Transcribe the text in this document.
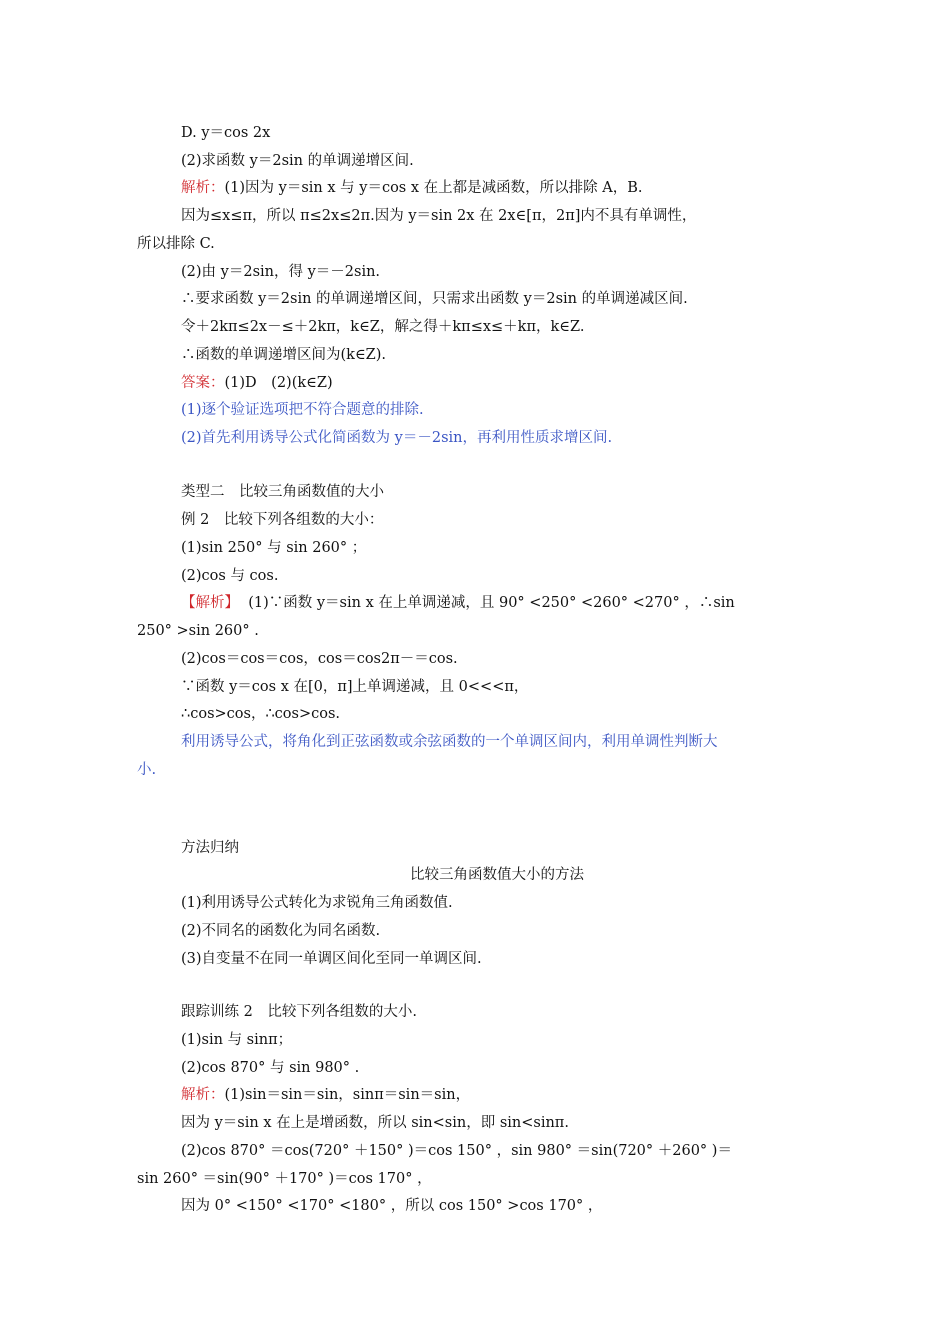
D. y＝cos 2x
(2)求函数 y＝2sin 的单调递增区间.
解析：(1)因为 y＝sin x 与 y＝cos x 在上都是减函数，所以排除 A，B.
因为≤x≤π，所以 π≤2x≤2π.因为 y＝sin 2x 在 2x∈[π，2π]内不具有单调性，
所以排除 C.
(2)由 y＝2sin，得 y＝－2sin.
∴要求函数 y＝2sin 的单调递增区间，只需求出函数 y＝2sin 的单调递减区间.
令＋2kπ≤2x－≤＋2kπ，k∈Z，解之得＋kπ≤x≤＋kπ，k∈Z.
∴函数的单调递增区间为(k∈Z).
答案：(1)D　(2)(k∈Z)
(1)逐个验证选项把不符合题意的排除.
(2)首先利用诱导公式化简函数为 y＝－2sin，再利用性质求增区间.
类型二　比较三角函数值的大小
例 2　比较下列各组数的大小：
(1)sin 250° 与 sin 260° ；
(2)cos 与 cos.
【解析】 (1)∵函数 y＝sin x 在上单调递减，且 90° <250° <260° <270° ，∴sin
250° >sin 260° .
(2)cos＝cos＝cos，cos＝cos2π－＝cos.
∵函数 y＝cos x 在[0，π]上单调递减，且 0<<<π，
∴cos>cos，∴cos>cos.
利用诱导公式，将角化到正弦函数或余弦函数的一个单调区间内，利用单调性判断大
小.
方法归纳
比较三角函数值大小的方法
(1)利用诱导公式转化为求锐角三角函数值.
(2)不同名的函数化为同名函数.
(3)自变量不在同一单调区间化至同一单调区间.
跟踪训练 2　比较下列各组数的大小.
(1)sin 与 sinπ；
(2)cos 870° 与 sin 980° .
解析：(1)sin＝sin＝sin，sinπ＝sin＝sin，
因为 y＝sin x 在上是增函数，所以 sin<sin，即 sin<sinπ.
(2)cos 870° ＝cos(720° ＋150° )＝cos 150° ，sin 980° ＝sin(720° ＋260° )＝
sin 260° ＝sin(90° ＋170° )＝cos 170° ，
因为 0° <150° <170° <180° ，所以 cos 150° >cos 170° ，
